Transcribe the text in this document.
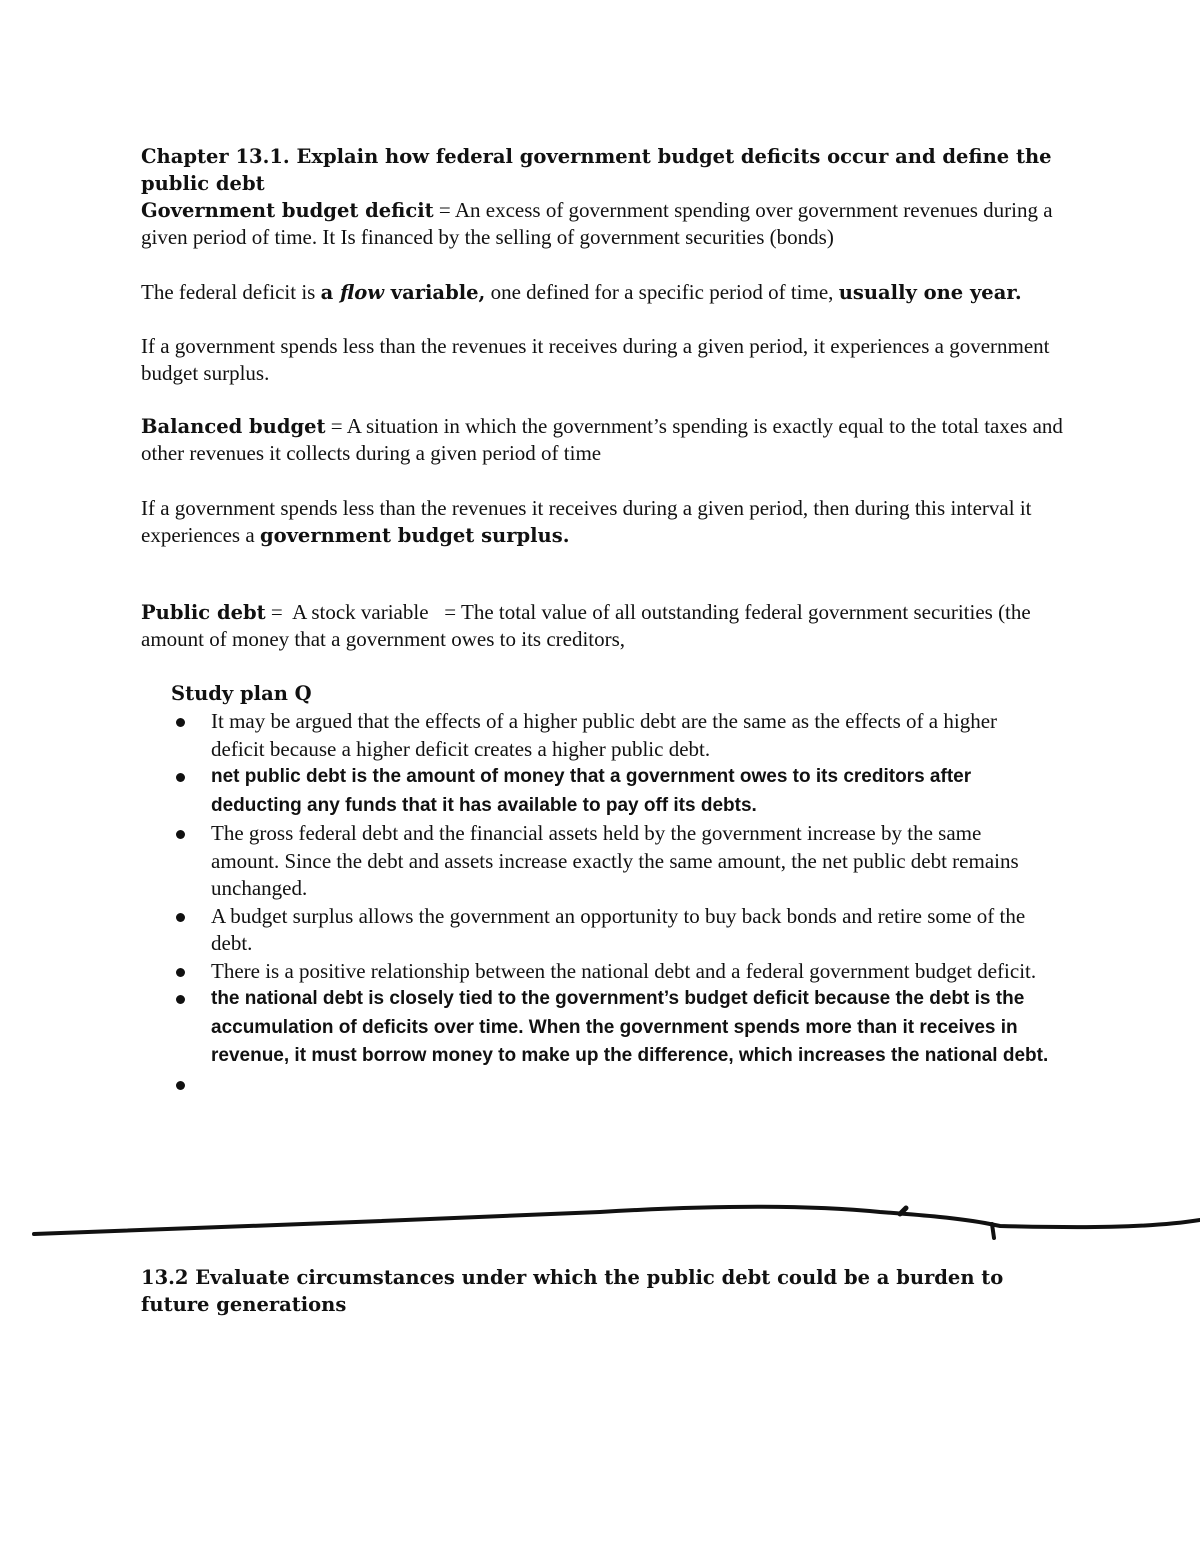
Chapter 13.1. Explain how federal government budget deficits occur and define the public debt
Government budget deficit = An excess of government spending over government revenues during a given period of time. It Is financed by the selling of government securities (bonds)
The federal deficit is a flow variable, one defined for a specific period of time, usually one year.
If a government spends less than the revenues it receives during a given period, it experiences a government budget surplus.
Balanced budget = A situation in which the government’s spending is exactly equal to the total taxes and other revenues it collects during a given period of time
If a government spends less than the revenues it receives during a given period, then during this interval it experiences a government budget surplus.
Public debt =  A stock variable   = The total value of all outstanding federal government securities (the amount of money that a government owes to its creditors,
Study plan Q
It may be argued that the effects of a higher public debt are the same as the effects of a higher deficit because a higher deficit creates a higher public debt.
net public debt is the amount of money that a government owes to its creditors after deducting any funds that it has available to pay off its debts.
The gross federal debt and the financial assets held by the government increase by the same amount. Since the debt and assets increase exactly the same amount, the net public debt remains unchanged.
A budget surplus allows the government an opportunity to buy back bonds and retire some of the debt.
There is a positive relationship between the national debt and a federal government budget deficit.
the national debt is closely tied to the government’s budget deficit because the debt is the accumulation of deficits over time. When the government spends more than it receives in revenue, it must borrow money to make up the difference, which increases the national debt.
13.2 Evaluate circumstances under which the public debt could be a burden to future generations
